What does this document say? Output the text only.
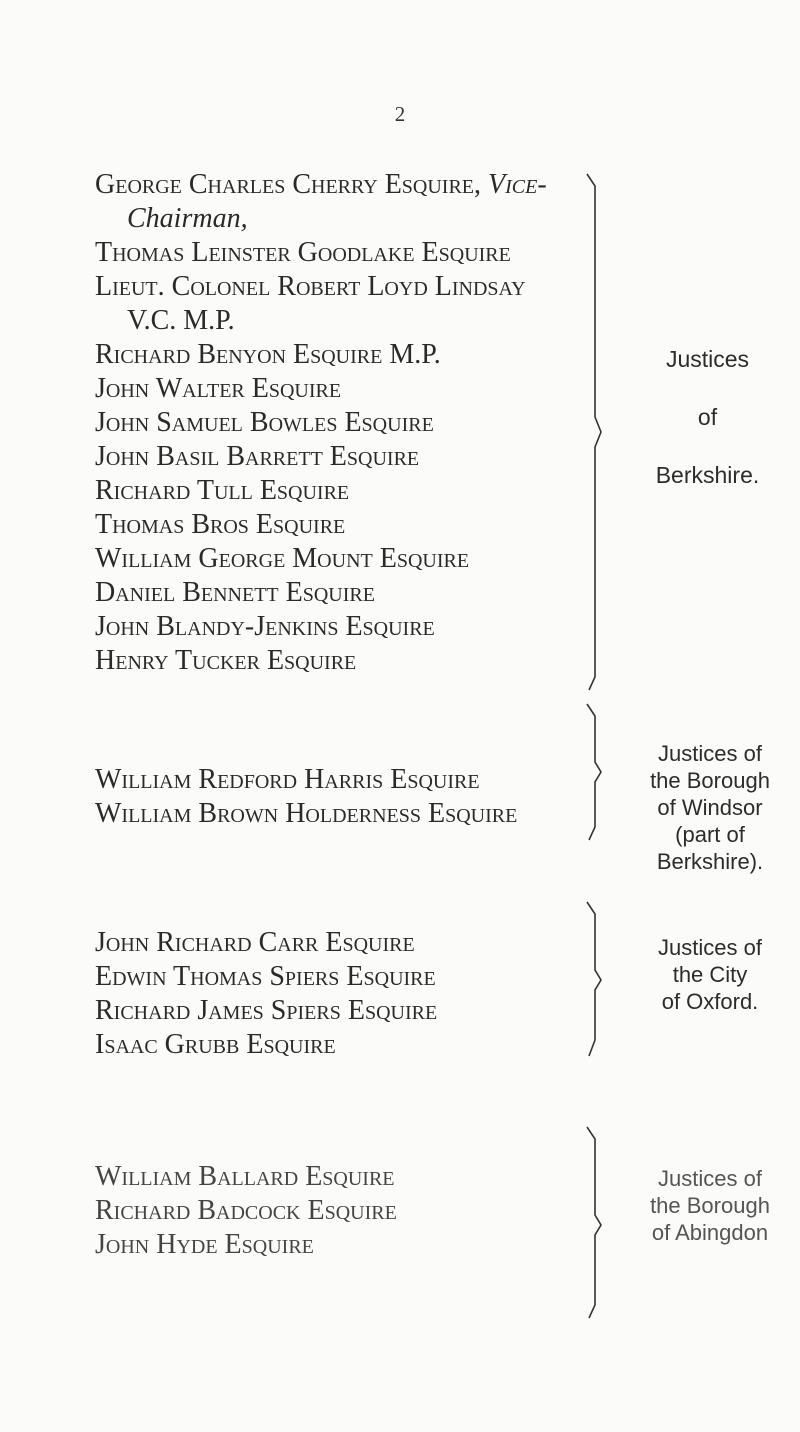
2
George Charles Cherry Esquire, Vice-
Chairman,
Thomas Leinster Goodlake Esquire
Lieut. Colonel Robert Loyd Lindsay
V.C. M.P.
Richard Benyon Esquire M.P.
John Walter Esquire
John Samuel Bowles Esquire
John Basil Barrett Esquire
Richard Tull Esquire
Thomas Bros Esquire
William George Mount Esquire
Daniel Bennett Esquire
John Blandy-Jenkins Esquire
Henry Tucker Esquire
Justices
of
Berkshire.
William Redford Harris Esquire
William Brown Holderness Esquire
Justices of
the Borough
of Windsor
(part of
Berkshire).
John Richard Carr Esquire
Edwin Thomas Spiers Esquire
Richard James Spiers Esquire
Isaac Grubb Esquire
Justices of
the City
of Oxford.
William Ballard Esquire
Richard Badcock Esquire
John Hyde Esquire
Justices of
the Borough
of Abingdon
